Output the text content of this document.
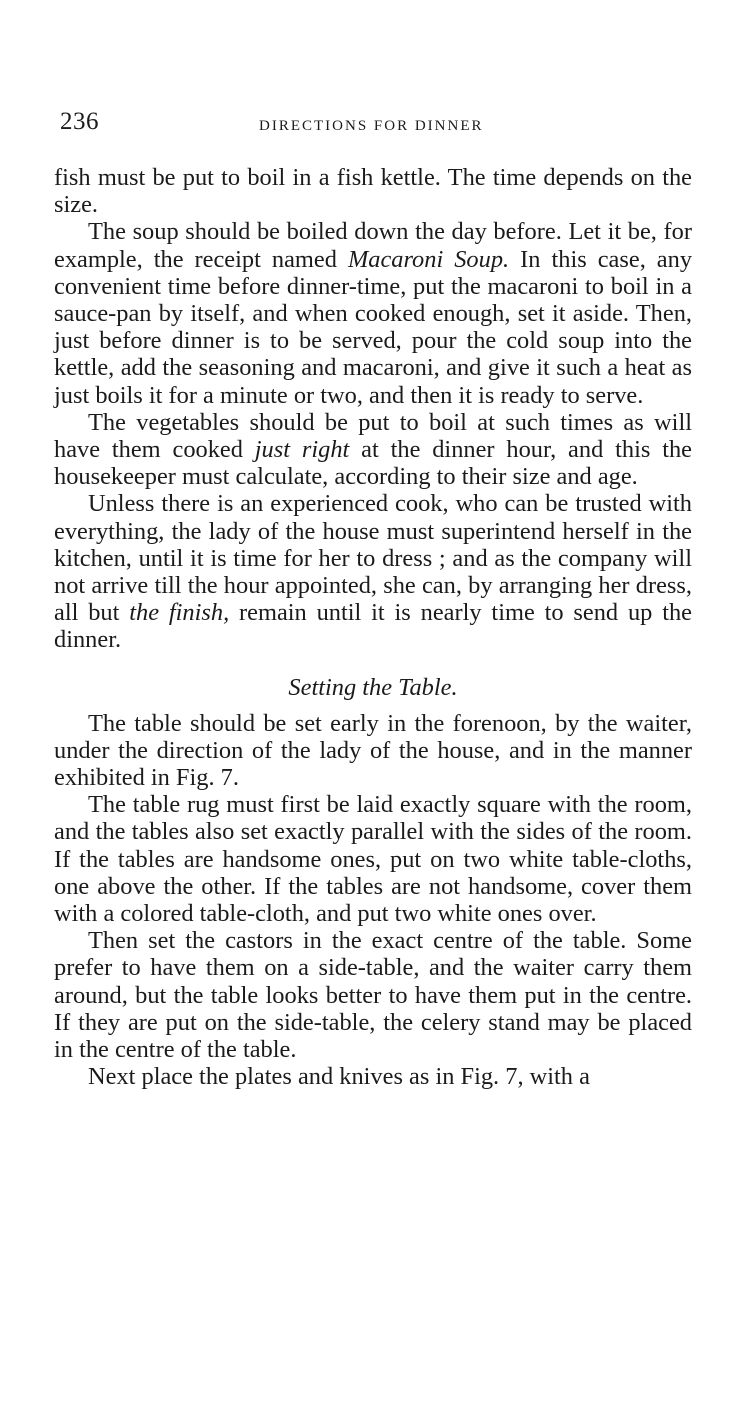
236	DIRECTIONS FOR DINNER

fish must be put to boil in a fish kettle. The time depends on the size.

The soup should be boiled down the day before. Let it be, for example, the receipt named Macaroni Soup. In this case, any convenient time before dinner-time, put the macaroni to boil in a sauce-pan by itself, and when cooked enough, set it aside. Then, just before dinner is to be served, pour the cold soup into the kettle, add the seasoning and macaroni, and give it such a heat as just boils it for a minute or two, and then it is ready to serve.

The vegetables should be put to boil at such times as will have them cooked just right at the dinner hour, and this the housekeeper must calculate, according to their size and age.

Unless there is an experienced cook, who can be trusted with everything, the lady of the house must superintend herself in the kitchen, until it is time for her to dress ; and as the company will not arrive till the hour appointed, she can, by arranging her dress, all but the finish, remain until it is nearly time to send up the dinner.

Setting the Table.

The table should be set early in the forenoon, by the waiter, under the direction of the lady of the house, and in the manner exhibited in Fig. 7.

The table rug must first be laid exactly square with the room, and the tables also set exactly parallel with the sides of the room. If the tables are handsome ones, put on two white table-cloths, one above the other. If the tables are not handsome, cover them with a colored table-cloth, and put two white ones over.

Then set the castors in the exact centre of the table. Some prefer to have them on a side-table, and the waiter carry them around, but the table looks better to have them put in the centre. If they are put on the side-table, the celery stand may be placed in the centre of the table.

Next place the plates and knives as in Fig. 7, with a
